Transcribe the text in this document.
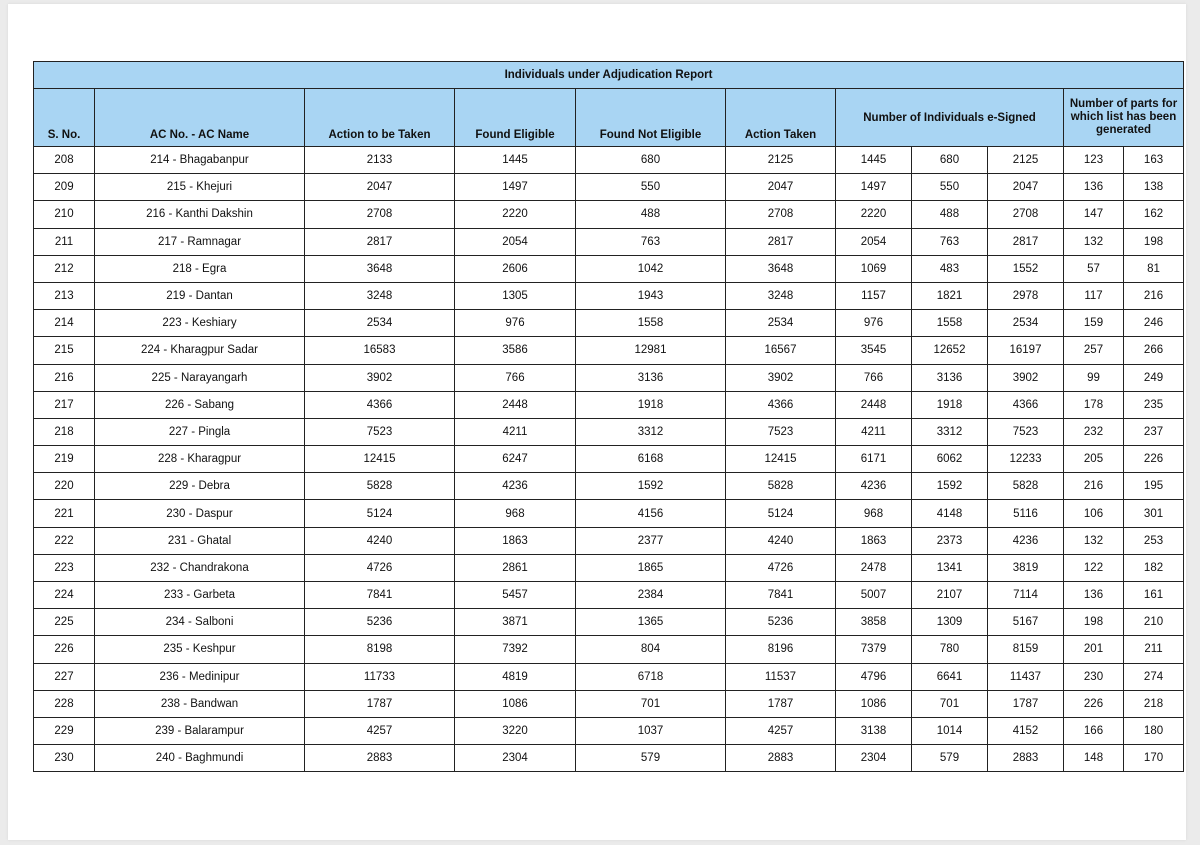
Individuals under Adjudication Report										
S. No.	AC No. - AC Name	Action to be Taken	Found Eligible	Found Not Eligible	Action Taken	Number of Individuals e-Signed			Number of parts for which list has been generated	
208	214 - Bhagabanpur	2133	1445	680	2125	1445	680	2125	123	163
209	215 - Khejuri	2047	1497	550	2047	1497	550	2047	136	138
210	216 - Kanthi Dakshin	2708	2220	488	2708	2220	488	2708	147	162
211	217 - Ramnagar	2817	2054	763	2817	2054	763	2817	132	198
212	218 - Egra	3648	2606	1042	3648	1069	483	1552	57	81
213	219 - Dantan	3248	1305	1943	3248	1157	1821	2978	117	216
214	223 - Keshiary	2534	976	1558	2534	976	1558	2534	159	246
215	224 - Kharagpur Sadar	16583	3586	12981	16567	3545	12652	16197	257	266
216	225 - Narayangarh	3902	766	3136	3902	766	3136	3902	99	249
217	226 - Sabang	4366	2448	1918	4366	2448	1918	4366	178	235
218	227 - Pingla	7523	4211	3312	7523	4211	3312	7523	232	237
219	228 - Kharagpur	12415	6247	6168	12415	6171	6062	12233	205	226
220	229 - Debra	5828	4236	1592	5828	4236	1592	5828	216	195
221	230 - Daspur	5124	968	4156	5124	968	4148	5116	106	301
222	231 - Ghatal	4240	1863	2377	4240	1863	2373	4236	132	253
223	232 - Chandrakona	4726	2861	1865	4726	2478	1341	3819	122	182
224	233 - Garbeta	7841	5457	2384	7841	5007	2107	7114	136	161
225	234 - Salboni	5236	3871	1365	5236	3858	1309	5167	198	210
226	235 - Keshpur	8198	7392	804	8196	7379	780	8159	201	211
227	236 - Medinipur	11733	4819	6718	11537	4796	6641	11437	230	274
228	238 - Bandwan	1787	1086	701	1787	1086	701	1787	226	218
229	239 - Balarampur	4257	3220	1037	4257	3138	1014	4152	166	180
230	240 - Baghmundi	2883	2304	579	2883	2304	579	2883	148	170
